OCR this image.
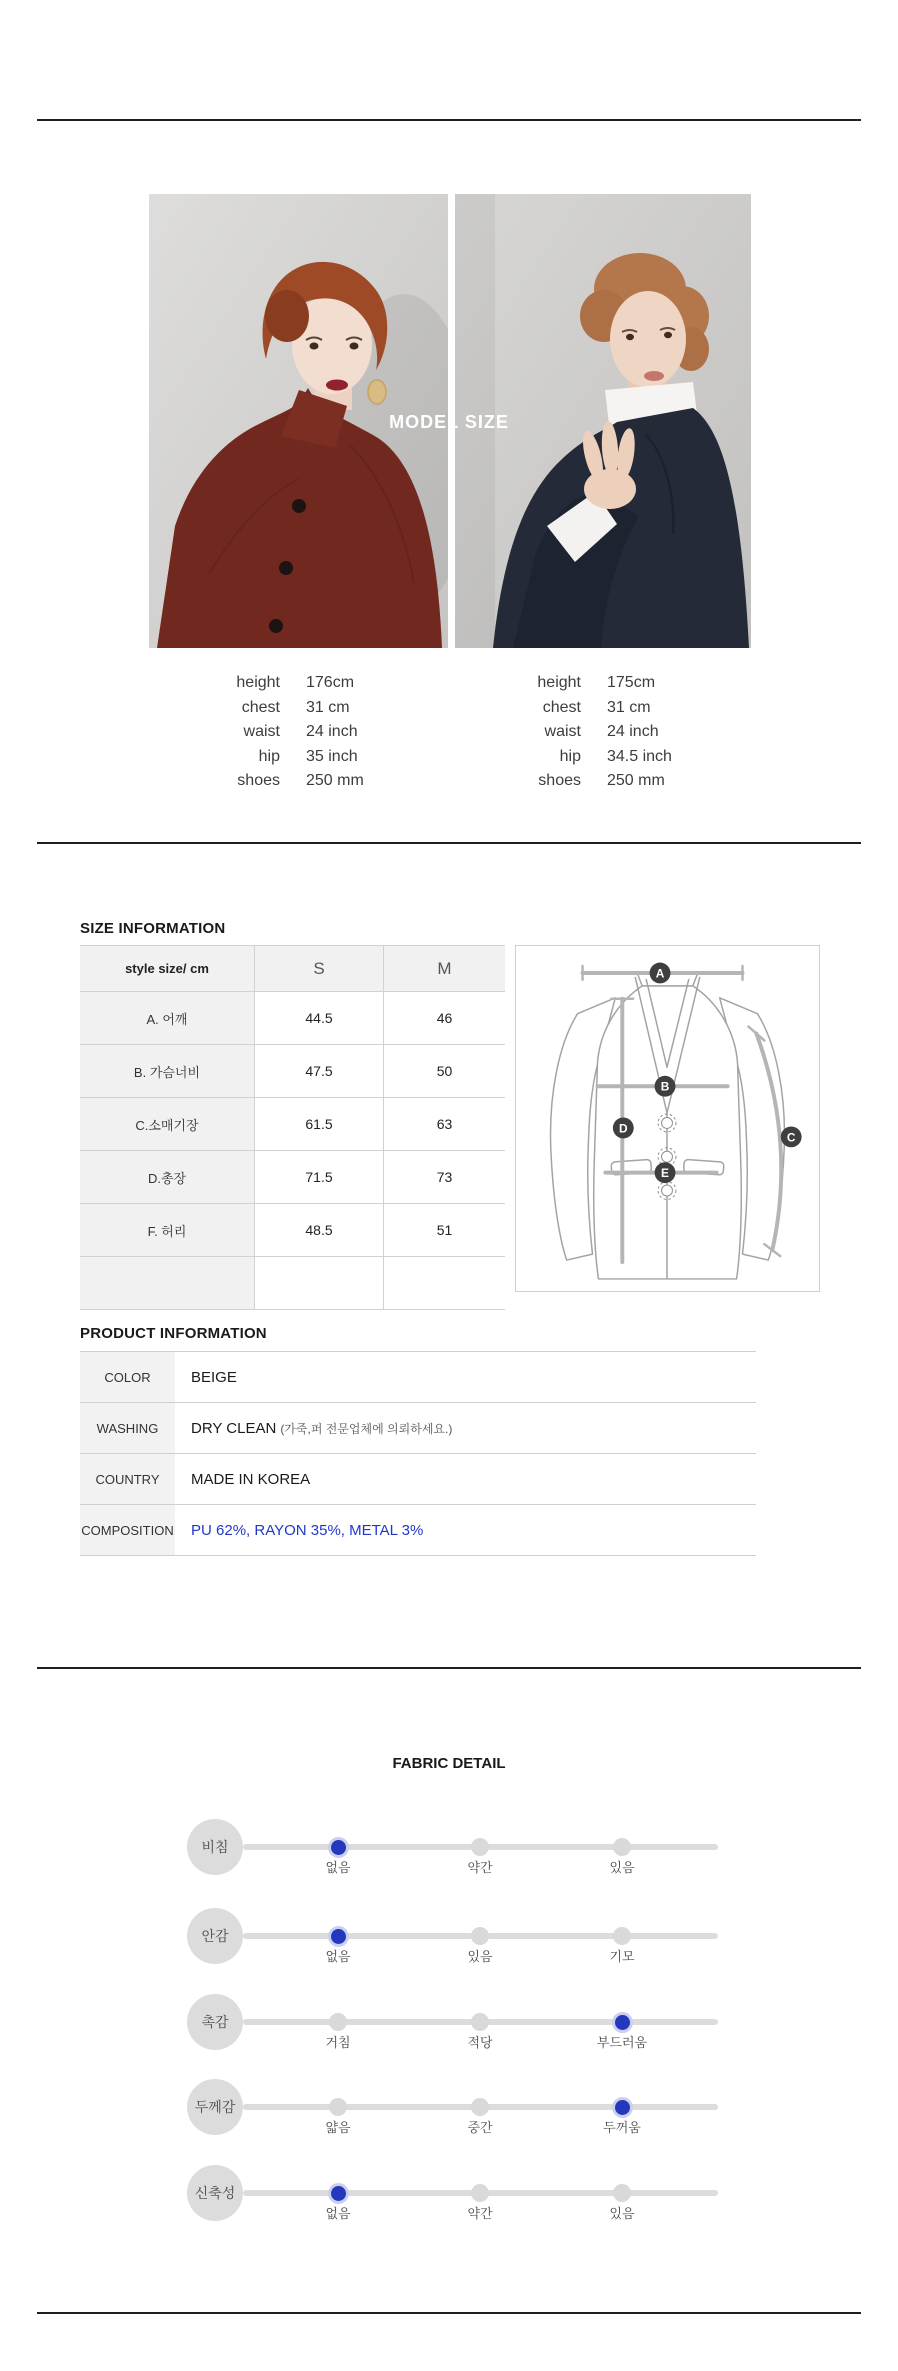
MODEL SIZE
height 176cm
chest 31 cm
waist 24 inch
hip 35 inch
shoes 250 mm
height 175cm
chest 31 cm
waist 24 inch
hip 34.5 inch
shoes 250 mm
SIZE INFORMATION
style size/ cm	S	M
A. 어깨	44.5	46
B. 가슴너비	47.5	50
C.소매기장	61.5	63
D.총장	71.5	73
F. 허리	48.5	51

A
B
C
D
E
PRODUCT INFORMATION
COLOR	BEIGE
WASHING	DRY CLEAN (가죽,퍼 전문업체에 의뢰하세요.)
COUNTRY	MADE IN KOREA
COMPOSITION PU 62%, RAYON 35%, METAL 3%
FABRIC DETAIL
비침
없음	약간	있음
안감
없음	있음	기모
촉감
거침	적당	부드러움
두께감
얇음	중간	두꺼움
신축성
없음	약간	있음
